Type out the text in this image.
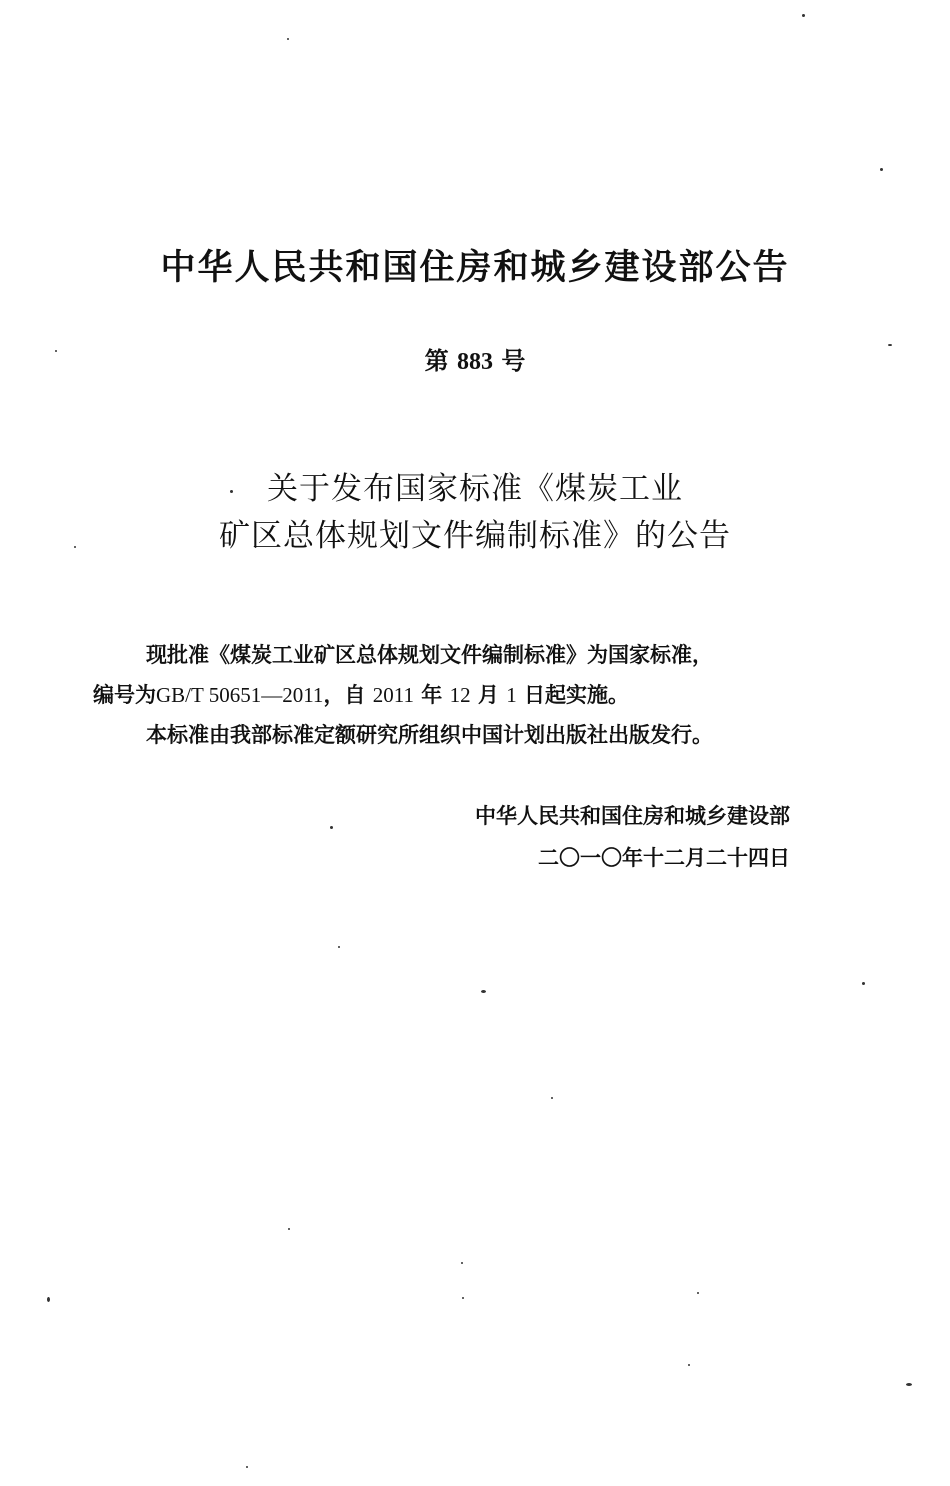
中华人民共和国住房和城乡建设部公告
第 883 号
关于发布国家标准《煤炭工业
矿区总体规划文件编制标准》的公告
现批准《煤炭工业矿区总体规划文件编制标准》为国家标准，
编号为GB/T 50651—2011，自 2011 年 12 月 1 日起实施。
本标准由我部标准定额研究所组织中国计划出版社出版发行。
中华人民共和国住房和城乡建设部
二〇一〇年十二月二十四日
